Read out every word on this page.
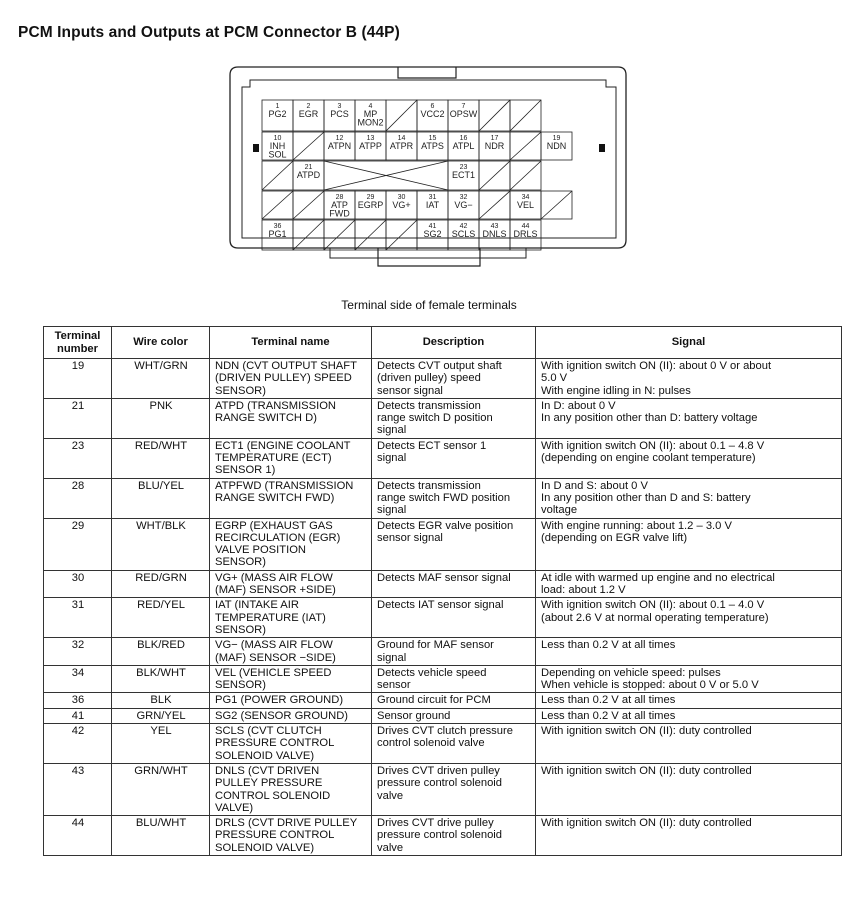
PCM Inputs and Outputs at PCM Connector B (44P)
1
PG2
2
EGR
3
PCS
4
MP
MON2
6
VCC2
7
OPSW
10
INH
SOL
12
ATPN
13
ATPP
14
ATPR
15
ATPS
16
ATPL
17
NDR
19
NDN
21
ATPD
23
ECT1
28
ATP
FWD
29
EGRP
30
VG+
31
IAT
32
VG−
34
VEL
36
PG1
41
SG2
42
SCLS
43
DNLS
44
DRLS
Terminal side of female terminals
Terminal
number	Wire color	Terminal name	Description	Signal
19	WHT/GRN	NDN (CVT OUTPUT SHAFT
(DRIVEN PULLEY) SPEED
SENSOR)	Detects CVT output shaft
(driven pulley) speed
sensor signal	With ignition switch ON (II): about 0 V or about
5.0 V
With engine idling in N: pulses
21	PNK	ATPD (TRANSMISSION
RANGE SWITCH D)	Detects transmission
range switch D position
signal	In D: about 0 V
In any position other than D: battery voltage
23	RED/WHT	ECT1 (ENGINE COOLANT
TEMPERATURE (ECT)
SENSOR 1)	Detects ECT sensor 1
signal	With ignition switch ON (II): about 0.1 – 4.8 V
(depending on engine coolant temperature)
28	BLU/YEL	ATPFWD (TRANSMISSION
RANGE SWITCH FWD)	Detects transmission
range switch FWD position
signal	In D and S: about 0 V
In any position other than D and S: battery
voltage
29	WHT/BLK	EGRP (EXHAUST GAS
RECIRCULATION (EGR)
VALVE POSITION
SENSOR)	Detects EGR valve position
sensor signal	With engine running: about 1.2 – 3.0 V
(depending on EGR valve lift)
30	RED/GRN	VG+ (MASS AIR FLOW
(MAF) SENSOR +SIDE)	Detects MAF sensor signal	At idle with warmed up engine and no electrical
load: about 1.2 V
31	RED/YEL	IAT (INTAKE AIR
TEMPERATURE (IAT)
SENSOR)	Detects IAT sensor signal	With ignition switch ON (II): about 0.1 – 4.0 V
(about 2.6 V at normal operating temperature)
32	BLK/RED	VG− (MASS AIR FLOW
(MAF) SENSOR −SIDE)	Ground for MAF sensor
signal	Less than 0.2 V at all times
34	BLK/WHT	VEL (VEHICLE SPEED
SENSOR)	Detects vehicle speed
sensor	Depending on vehicle speed: pulses
When vehicle is stopped: about 0 V or 5.0 V
36	BLK	PG1 (POWER GROUND)	Ground circuit for PCM	Less than 0.2 V at all times
41	GRN/YEL	SG2 (SENSOR GROUND)	Sensor ground	Less than 0.2 V at all times
42	YEL	SCLS (CVT CLUTCH
PRESSURE CONTROL
SOLENOID VALVE)	Drives CVT clutch pressure
control solenoid valve	With ignition switch ON (II): duty controlled
43	GRN/WHT	DNLS (CVT DRIVEN
PULLEY PRESSURE
CONTROL SOLENOID
VALVE)	Drives CVT driven pulley
pressure control solenoid
valve	With ignition switch ON (II): duty controlled
44	BLU/WHT	DRLS (CVT DRIVE PULLEY
PRESSURE CONTROL
SOLENOID VALVE)	Drives CVT drive pulley
pressure control solenoid
valve	With ignition switch ON (II): duty controlled
